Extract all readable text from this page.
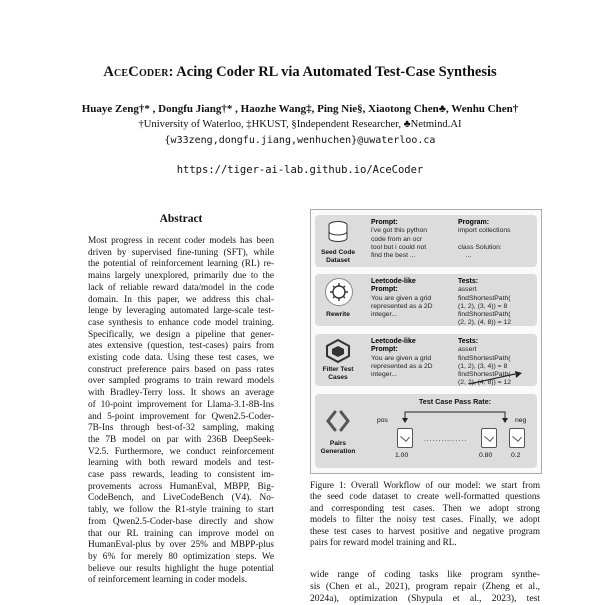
AceCoder: Acing Coder RL via Automated Test-Case Synthesis
Huaye Zeng†* , Dongfu Jiang†* , Haozhe Wang‡, Ping Nie§, Xiaotong Chen♣, Wenhu Chen†
†University of Waterloo, ‡HKUST, §Independent Researcher, ♣Netmind.AI
{w33zeng,dongfu.jiang,wenhuchen}@uwaterloo.ca
https://tiger-ai-lab.github.io/AceCoder
Abstract
Most progress in recent coder models has been
driven by supervised fine-tuning (SFT), while
the potential of reinforcement learning (RL) re-
mains largely unexplored, primarily due to the
lack of reliable reward data/model in the code
domain. In this paper, we address this chal-
lenge by leveraging automated large-scale test-
case synthesis to enhance code model training.
Specifically, we design a pipeline that gener-
ates extensive (question, test-cases) pairs from
existing code data. Using these test cases, we
construct preference pairs based on pass rates
over sampled programs to train reward models
with Bradley-Terry loss. It shows an average
of 10-point improvement for Llama-3.1-8B-Ins
and 5-point improvement for Qwen2.5-Coder-
7B-Ins through best-of-32 sampling, making
the 7B model on par with 236B DeepSeek-
V2.5. Furthermore, we conduct reinforcement
learning with both reward models and test-
case pass rewards, leading to consistent im-
provements across HumanEval, MBPP, Big-
CodeBench, and LiveCodeBench (V4). No-
tably, we follow the R1-style training to start
from Qwen2.5-Coder-base directly and show
that our RL training can improve model on
HumanEval-plus by over 25% and MBPP-plus
by 6% for merely 80 optimization steps. We
believe our results highlight the huge potential
of reinforcement learning in coder models.
Seed Code
Dataset
Prompt:
i've got this python
code from an ocr
tool but i could not
find the best ...
Program:
import collections

class Solution:
...
Rewrite
Leetcode-like
Prompt:
You are given a grid
represented as a 2D
integer...
Tests:
assert
findShortestPath(
(1, 2), (3, 4)) = 8
findShortestPath(
(2, 2), (4, 8)) = 12
Filter Test
Cases
Leetcode-like
Prompt:
You are given a grid
represented as a 2D
integer...
Tests:
assert
findShortestPath(
(1, 2), (3, 4)) = 8
findShortestPath(
(2, 2), (4, 8)) = 12
Pairs
Generation
Test Case Pass Rate:
pos	neg
...............
1.00	0.80	0.2
Figure 1: Overall Workflow of our model: we start from
the seed code dataset to create well-formatted questions
and corresponding test cases. Then we adopt strong
models to filter the noisy test cases. Finally, we adopt
these test cases to harvest positive and negative program
pairs for reward model training and RL.
wide range of coding tasks like program synthe-
sis (Chen et al., 2021), program repair (Zheng et al.,
2024a), optimization (Shypula et al., 2023), test
